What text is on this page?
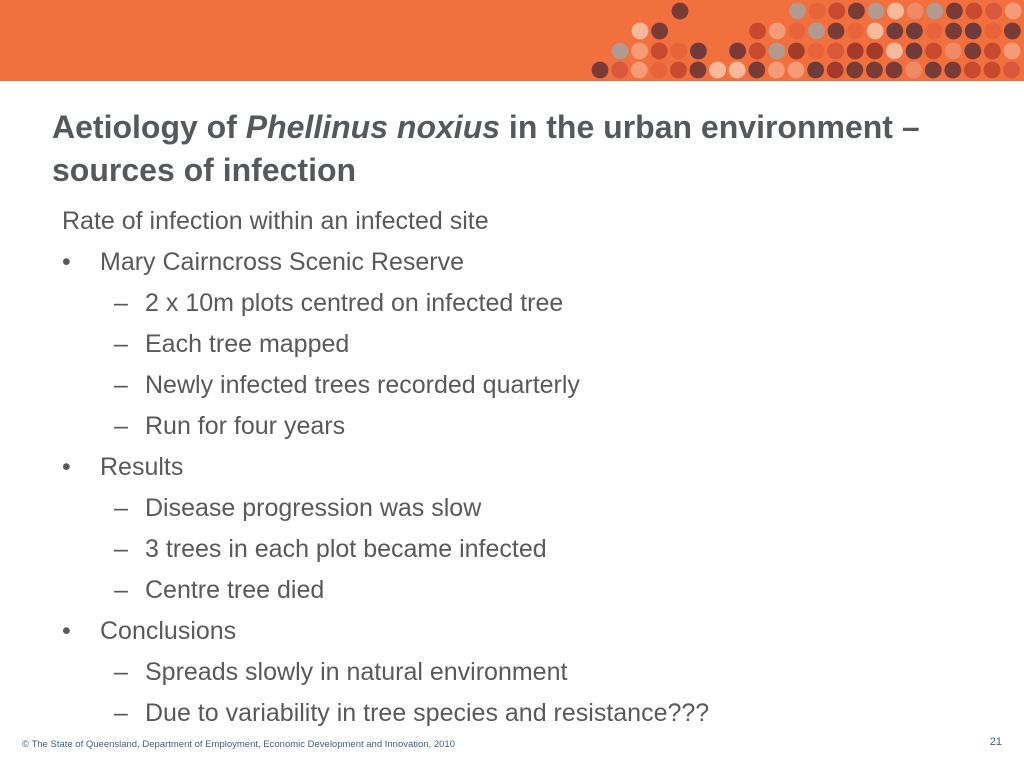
Aetiology of Phellinus noxius in the urban environment – sources of infection
Rate of infection within an infected site
• Mary Cairncross Scenic Reserve
– 2 x 10m plots centred on infected tree
– Each tree mapped
– Newly infected trees recorded quarterly
– Run for four years
• Results
– Disease progression was slow
– 3 trees in each plot became infected
– Centre tree died
• Conclusions
– Spreads slowly in natural environment
– Due to variability in tree species and resistance???
© The State of Queensland, Department of Employment, Economic Development and Innovation, 2010	21
